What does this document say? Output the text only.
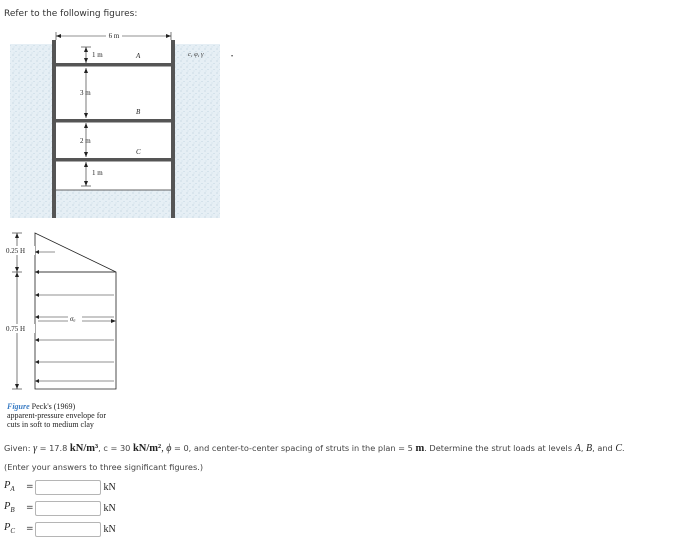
Refer to the following figures:
6 m
1 m
3 m
2 m
1 m
A
B
C
c, φ, γ	•
σₐ
0.25 H
0.75 H
Figure Peck's (1969)
apparent-pressure envelope for
cuts in soft to medium clay
Given: γ = 17.8 kN/m³, c = 30 kN/m², ϕ = 0, and center-to-center spacing of struts in the plan = 5 m. Determine the strut loads at levels A, B, and C.
(Enter your answers to three significant figures.)
$P_A$	=	kN
$P_B$	=	kN
$P_C$	=	kN
